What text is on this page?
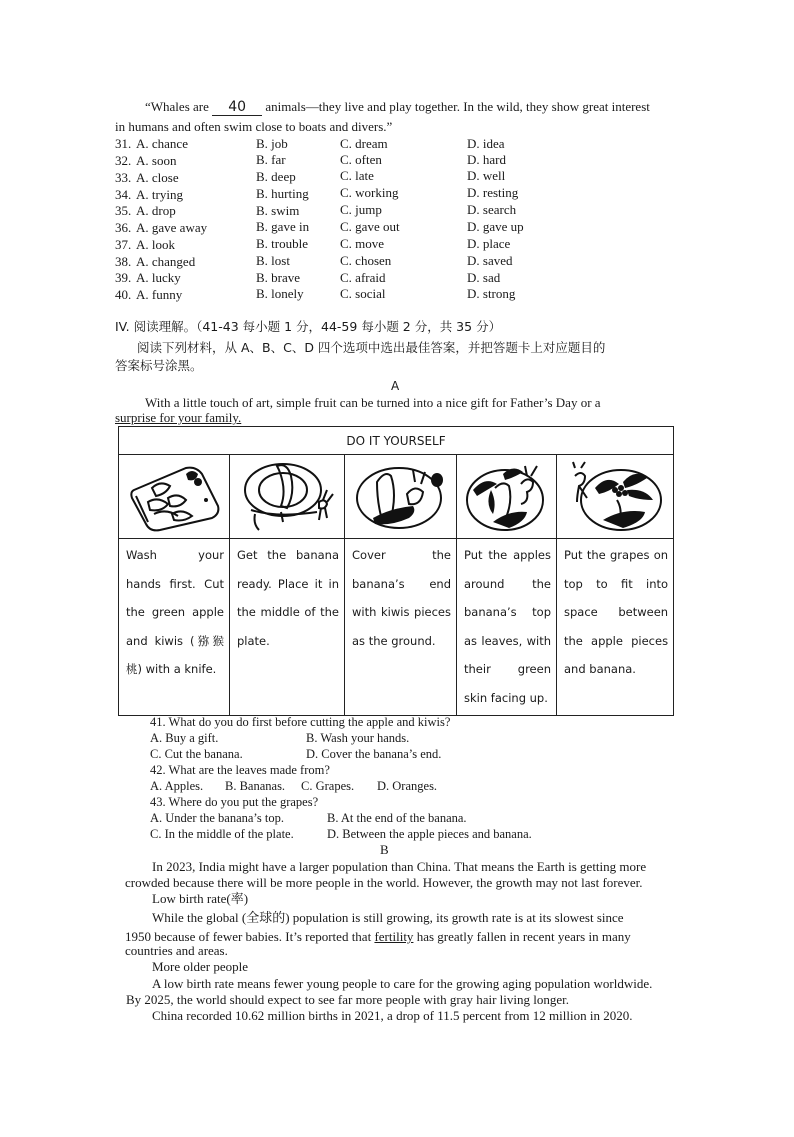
“Whales are 40 animals—they live and play together. In the wild, they show great interest
in humans and often swim close to boats and divers.”
31. A. chance	B. job	C. dream	D. idea
32. A. soon	B. far	C. often	D. hard
33. A. close	B. deep	C. late	D. well
34. A. trying	B. hurting C. working	D. resting
35. A. drop	B. swim	C. jump	D. search
36. A. gave away	B. gave in C. gave out	D. gave up
37. A. look	B. trouble C. move	D. place
38. A. changed	B. lost	C. chosen	D. saved
39. A. lucky	B. brave	C. afraid	D. sad
40. A. funny	B. lonely	C. social	D. strong
IV. 阅读理解。（41-43 每小题 1 分，44-59 每小题 2 分，共 35 分）
阅读下列材料，从 A、B、C、D 四个选项中选出最佳答案，并把答题卡上对应题目的
答案标号涂黑。
A
With a little touch of art, simple fruit can be turned into a nice gift for Father’s Day or a
surprise for your family.
DO IT YOURSELF				

Wash your hands first. Cut the green apple and kiwis (猕猴桃) with a knife.	Get the banana ready. Place it in the middle of the plate.	Cover the banana’s end with kiwis pieces as the ground.	Put the apples around the banana’s top as leaves, with their green skin facing up.	Put the grapes on top to fit into space between the apple pieces and banana.
41. What do you do first before cutting the apple and kiwis?
A. Buy a gift.	B. Wash your hands.
C. Cut the banana.	D. Cover the banana’s end.
42. What are the leaves made from?
A. Apples. B. Bananas. C. Grapes. D. Oranges.
43. Where do you put the grapes?
A. Under the banana’s top.	B. At the end of the banana.
C. In the middle of the plate.	D. Between the apple pieces and banana.
B
In 2023, India might have a larger population than China. That means the Earth is getting more
crowded because there will be more people in the world. However, the growth may not last forever.
Low birth rate(率)
While the global (全球的) population is still growing, its growth rate is at its slowest since
1950 because of fewer babies. It’s reported that fertility has greatly fallen in recent years in many
countries and areas.
More older people
A low birth rate means fewer young people to care for the growing aging population worldwide.
By 2025, the world should expect to see far more people with gray hair living longer.
China recorded 10.62 million births in 2021, a drop of 11.5 percent from 12 million in 2020.
